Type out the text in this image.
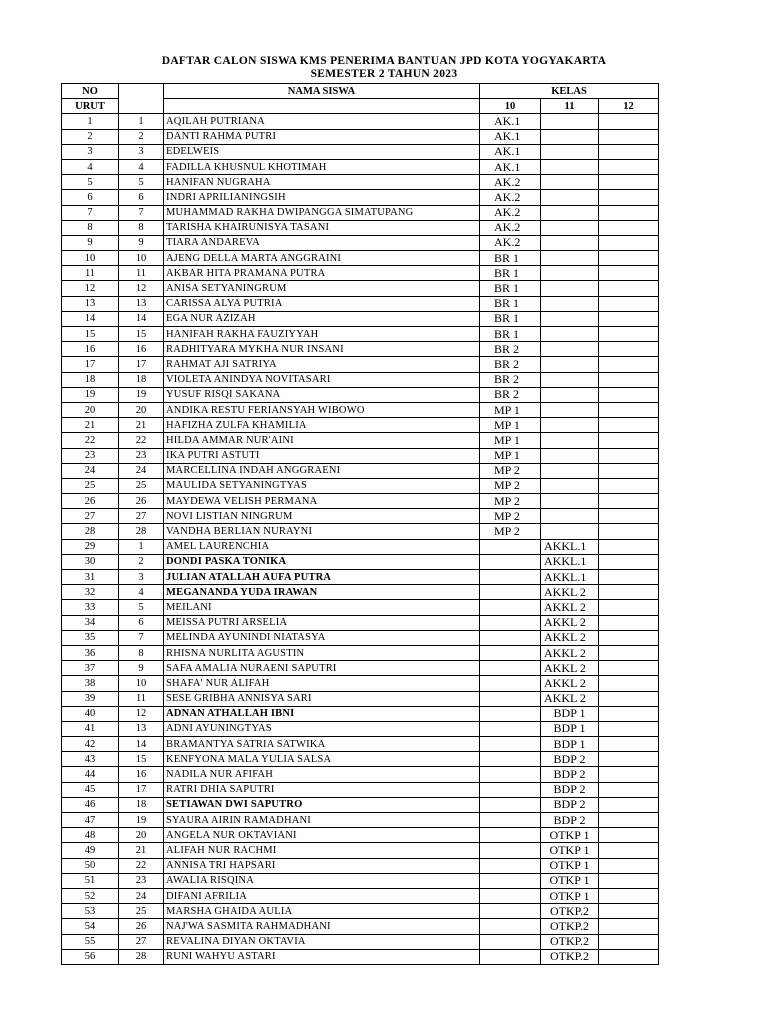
DAFTAR CALON SISWA KMS PENERIMA BANTUAN JPD KOTA YOGYAKARTA
SEMESTER 2 TAHUN 2023
NO		NAMA SISWA	KELAS		
URUT			10	11	12
1	1	AQILAH PUTRIANA	AK.1		
2	2	DANTI RAHMA PUTRI	AK.1		
3	3	EDELWEIS	AK.1		
4	4	FADILLA KHUSNUL KHOTIMAH	AK.1		
5	5	HANIFAN NUGRAHA	AK.2		
6	6	INDRI APRILIANINGSIH	AK.2		
7	7	MUHAMMAD RAKHA DWIPANGGA SIMATUPANG	AK.2		
8	8	TARISHA KHAIRUNISYA TASANI	AK.2		
9	9	TIARA ANDAREVA	AK.2		
10	10	AJENG DELLA MARTA ANGGRAINI	BR 1		
11	11	AKBAR HITA PRAMANA PUTRA	BR 1		
12	12	ANISA SETYANINGRUM	BR 1		
13	13	CARISSA ALYA PUTRIA	BR 1		
14	14	EGA NUR AZIZAH	BR 1		
15	15	HANIFAH RAKHA FAUZIYYAH	BR 1		
16	16	RADHITYARA MYKHA NUR INSANI	BR 2		
17	17	RAHMAT AJI SATRIYA	BR 2		
18	18	VIOLETA ANINDYA NOVITASARI	BR 2		
19	19	YUSUF RISQI SAKANA	BR 2		
20	20	ANDIKA RESTU FERIANSYAH WIBOWO	MP 1		
21	21	HAFIZHA ZULFA KHAMILIA	MP 1		
22	22	HILDA AMMAR NUR'AINI	MP 1		
23	23	IKA PUTRI ASTUTI	MP 1		
24	24	MARCELLINA INDAH ANGGRAENI	MP 2		
25	25	MAULIDA SETYANINGTYAS	MP 2		
26	26	MAYDEWA VELISH PERMANA	MP 2		
27	27	NOVI LISTIAN NINGRUM	MP 2		
28	28	VANDHA BERLIAN NURAYNI	MP 2		
29	1	AMEL LAURENCHIA		AKKL.1	
30	2	DONDI PASKA TONIKA		AKKL.1	
31	3	JULIAN ATALLAH AUFA PUTRA		AKKL.1	
32	4	MEGANANDA YUDA IRAWAN		AKKL 2	
33	5	MEILANI		AKKL 2	
34	6	MEISSA PUTRI ARSELIA		AKKL 2	
35	7	MELINDA AYUNINDI NIATASYA		AKKL 2	
36	8	RHISNA NURLITA AGUSTIN		AKKL 2	
37	9	SAFA AMALIA NURAENI SAPUTRI		AKKL 2	
38	10	SHAFA' NUR ALIFAH		AKKL 2	
39	11	SESE GRIBHA ANNISYA SARI		AKKL 2	
40	12	ADNAN ATHALLAH IBNI		BDP 1	
41	13	ADNI AYUNINGTYAS		BDP 1	
42	14	BRAMANTYA SATRIA SATWIKA		BDP 1	
43	15	KENFYONA MALA YULIA SALSA		BDP 2	
44	16	NADILA NUR AFIFAH		BDP 2	
45	17	RATRI DHIA SAPUTRI		BDP 2	
46	18	SETIAWAN DWI SAPUTRO		BDP 2	
47	19	SYAURA AIRIN RAMADHANI		BDP 2	
48	20	ANGELA NUR OKTAVIANI		OTKP 1	
49	21	ALIFAH NUR RACHMI		OTKP 1	
50	22	ANNISA TRI HAPSARI		OTKP 1	
51	23	AWALIA RISQINA		OTKP 1	
52	24	DIFANI AFRILIA		OTKP 1	
53	25	MARSHA GHAIDA AULIA		OTKP.2	
54	26	NAJ'WA SASMITA RAHMADHANI		OTKP.2	
55	27	REVALINA DIYAN OKTAVIA		OTKP.2	
56	28	RUNI WAHYU ASTARI		OTKP.2	
